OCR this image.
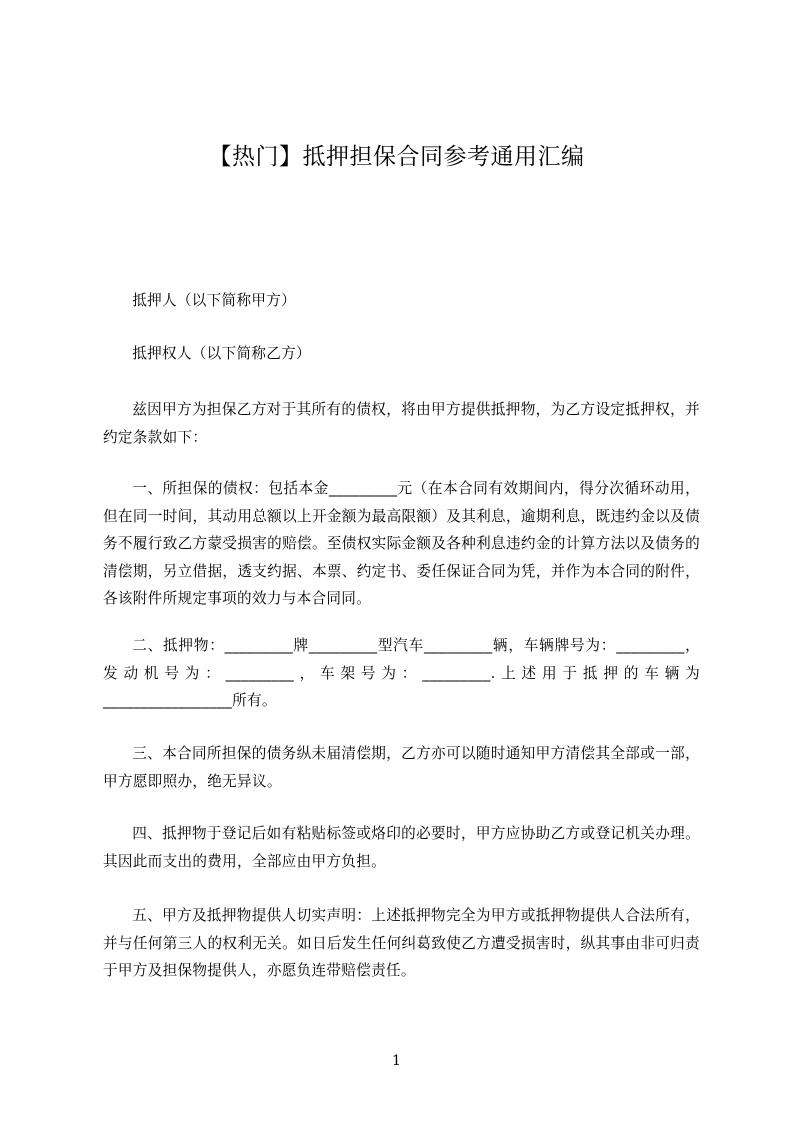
【热门】抵押担保合同参考通用汇编

抵押人（以下简称甲方）

抵押权人（以下简称乙方）

兹因甲方为担保乙方对于其所有的债权，将由甲方提供抵押物，为乙方设定抵押权，并约定条款如下：

一、所担保的债权：包括本金_________元（在本合同有效期间内，得分次循环动用，但在同一时间，其动用总额以上开金额为最高限额）及其利息，逾期利息，既违约金以及债务不履行致乙方蒙受损害的赔偿。至债权实际金额及各种利息违约金的计算方法以及债务的清偿期，另立借据，透支约据、本票、约定书、委任保证合同为凭，并作为本合同的附件，各该附件所规定事项的效力与本合同同。

二、抵押物：_________牌_________型汽车_________辆，车辆牌号为：_________，发动机号为：_________，车架号为：_________.上述用于抵押的车辆为_________________所有。

三、本合同所担保的债务纵未届清偿期，乙方亦可以随时通知甲方清偿其全部或一部，甲方愿即照办，绝无异议。

四、抵押物于登记后如有粘贴标签或烙印的必要时，甲方应协助乙方或登记机关办理。其因此而支出的费用，全部应由甲方负担。

五、甲方及抵押物提供人切实声明：上述抵押物完全为甲方或抵押物提供人合法所有，并与任何第三人的权利无关。如日后发生任何纠葛致使乙方遭受损害时，纵其事由非可归责于甲方及担保物提供人，亦愿负连带赔偿责任。

1
